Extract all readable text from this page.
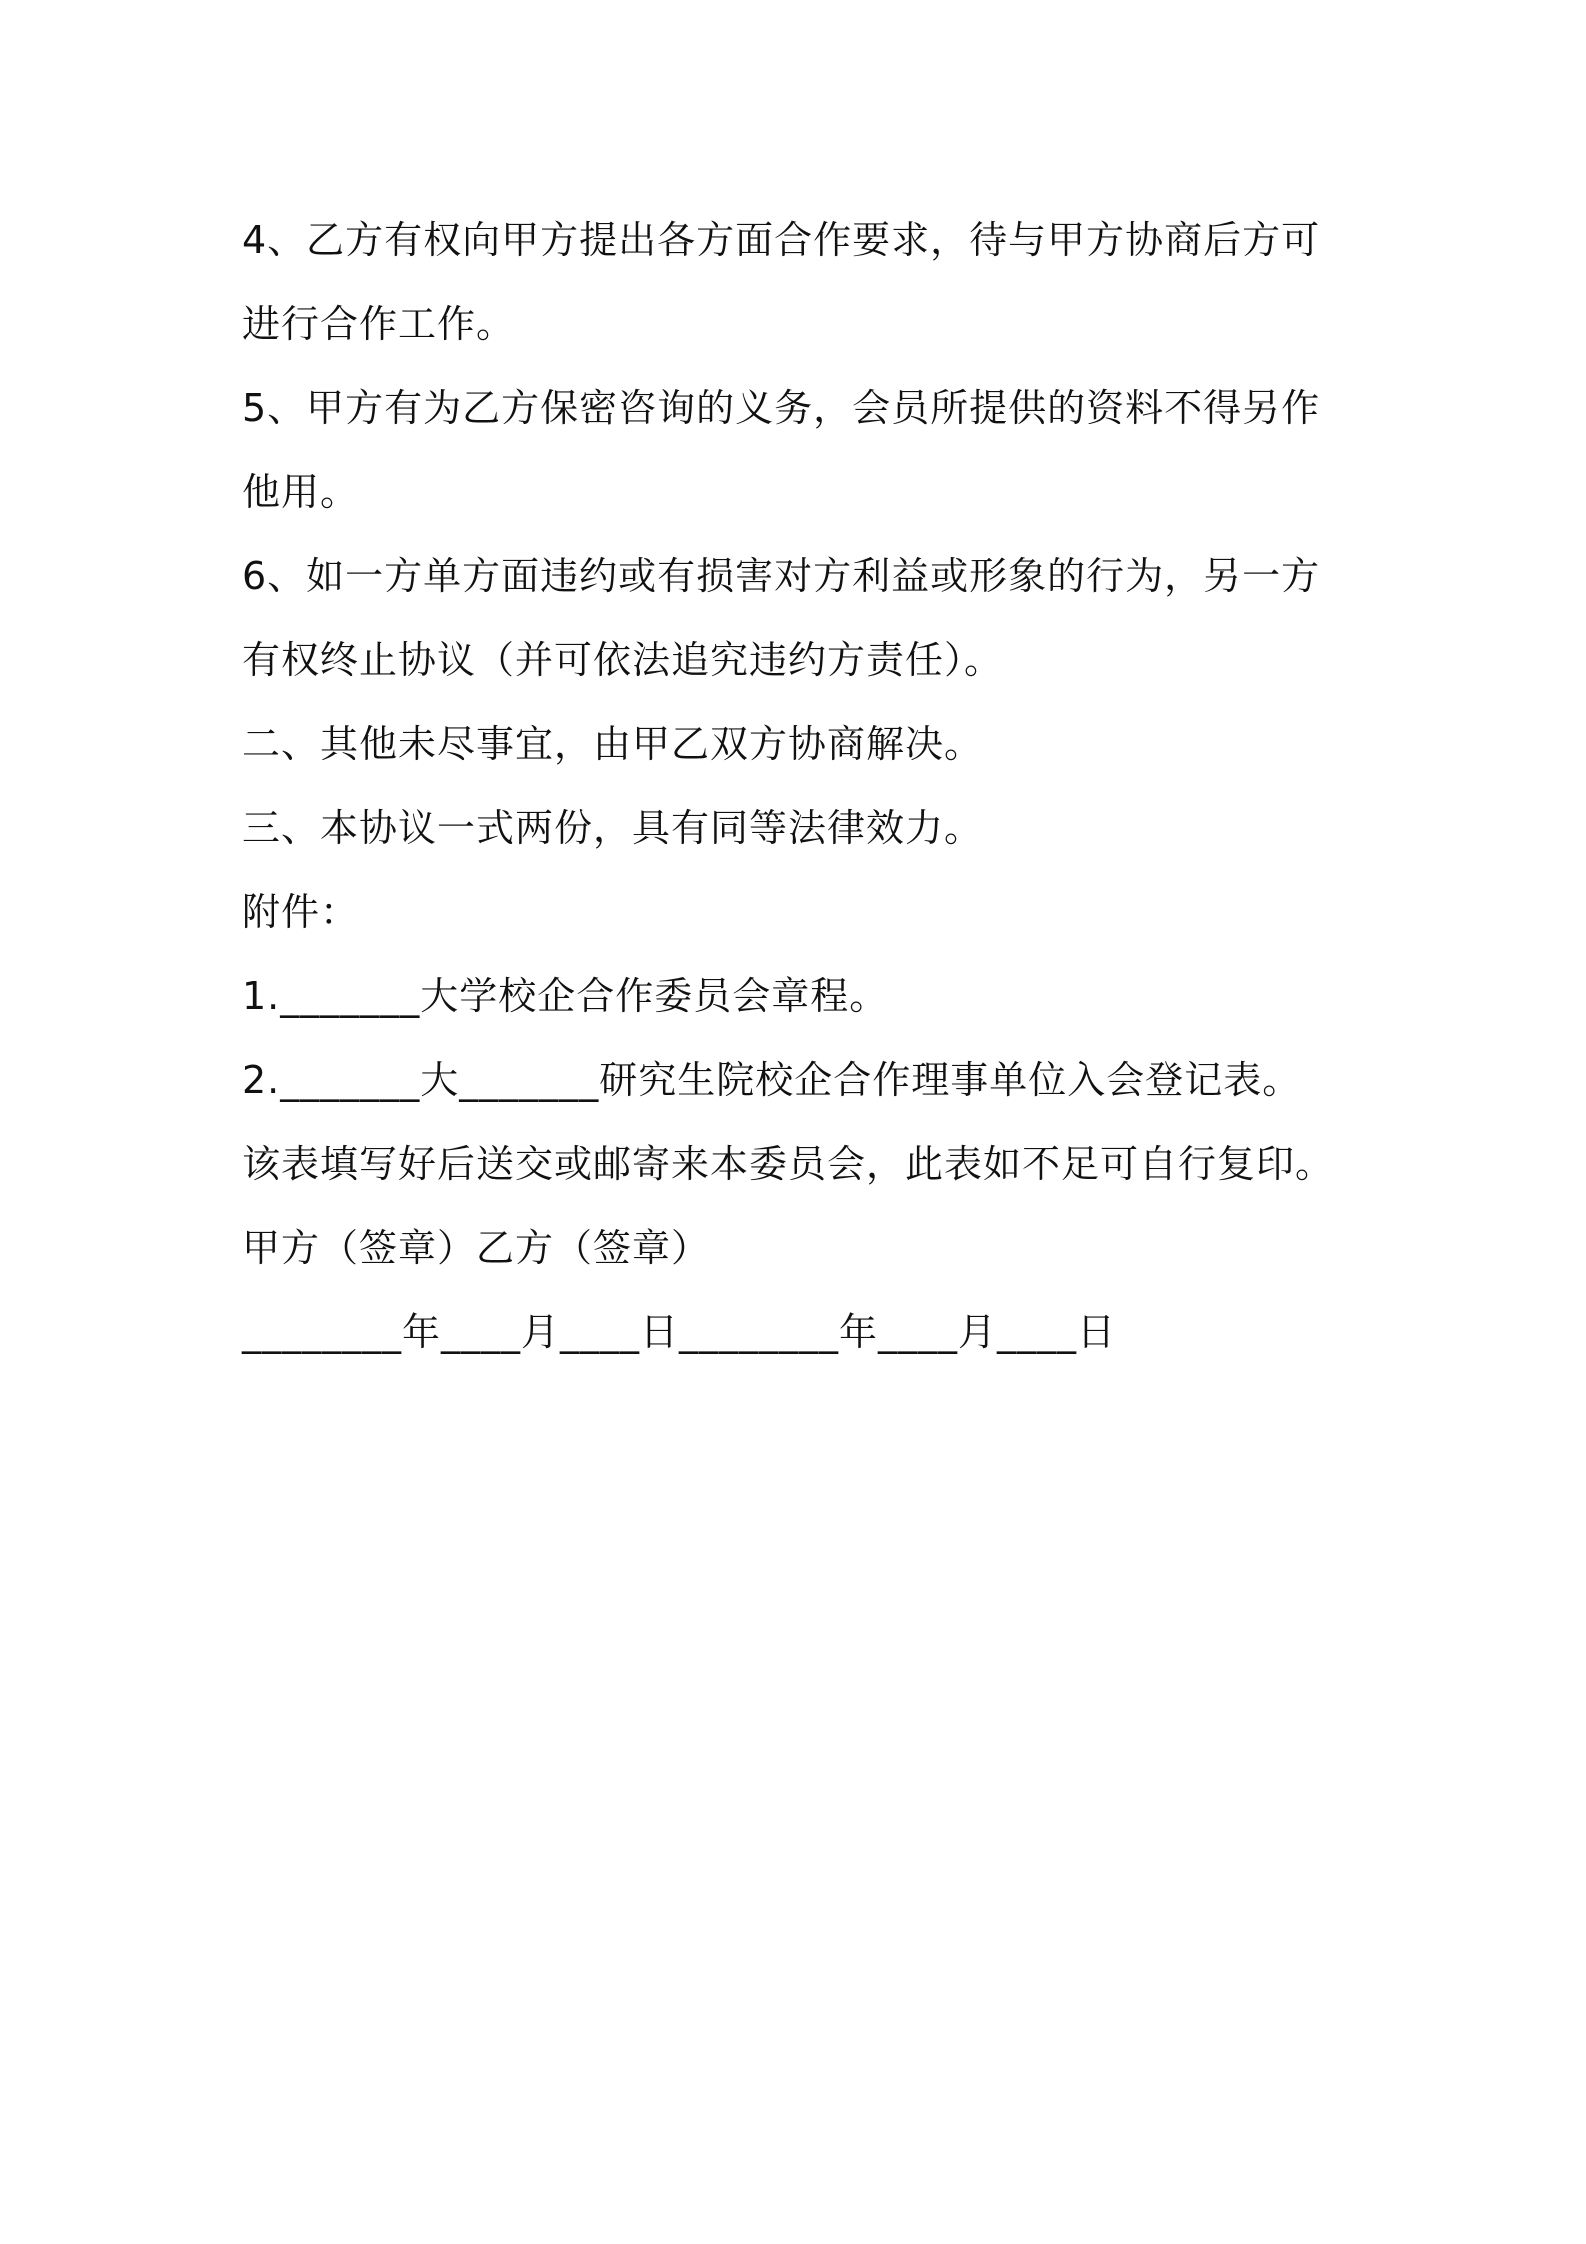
4、乙方有权向甲方提出各方面合作要求，待与甲方协商后方可
进行合作工作。
5、甲方有为乙方保密咨询的义务，会员所提供的资料不得另作
他用。
6、如一方单方面违约或有损害对方利益或形象的行为，另一方
有权终止协议（并可依法追究违约方责任）。
二、其他未尽事宜，由甲乙双方协商解决。
三、本协议一式两份，具有同等法律效力。
附件：
1._______大学校企合作委员会章程。
2._______大_______研究生院校企合作理事单位入会登记表。
该表填写好后送交或邮寄来本委员会，此表如不足可自行复印。
甲方（签章）乙方（签章）
________年____月____日________年____月____日
